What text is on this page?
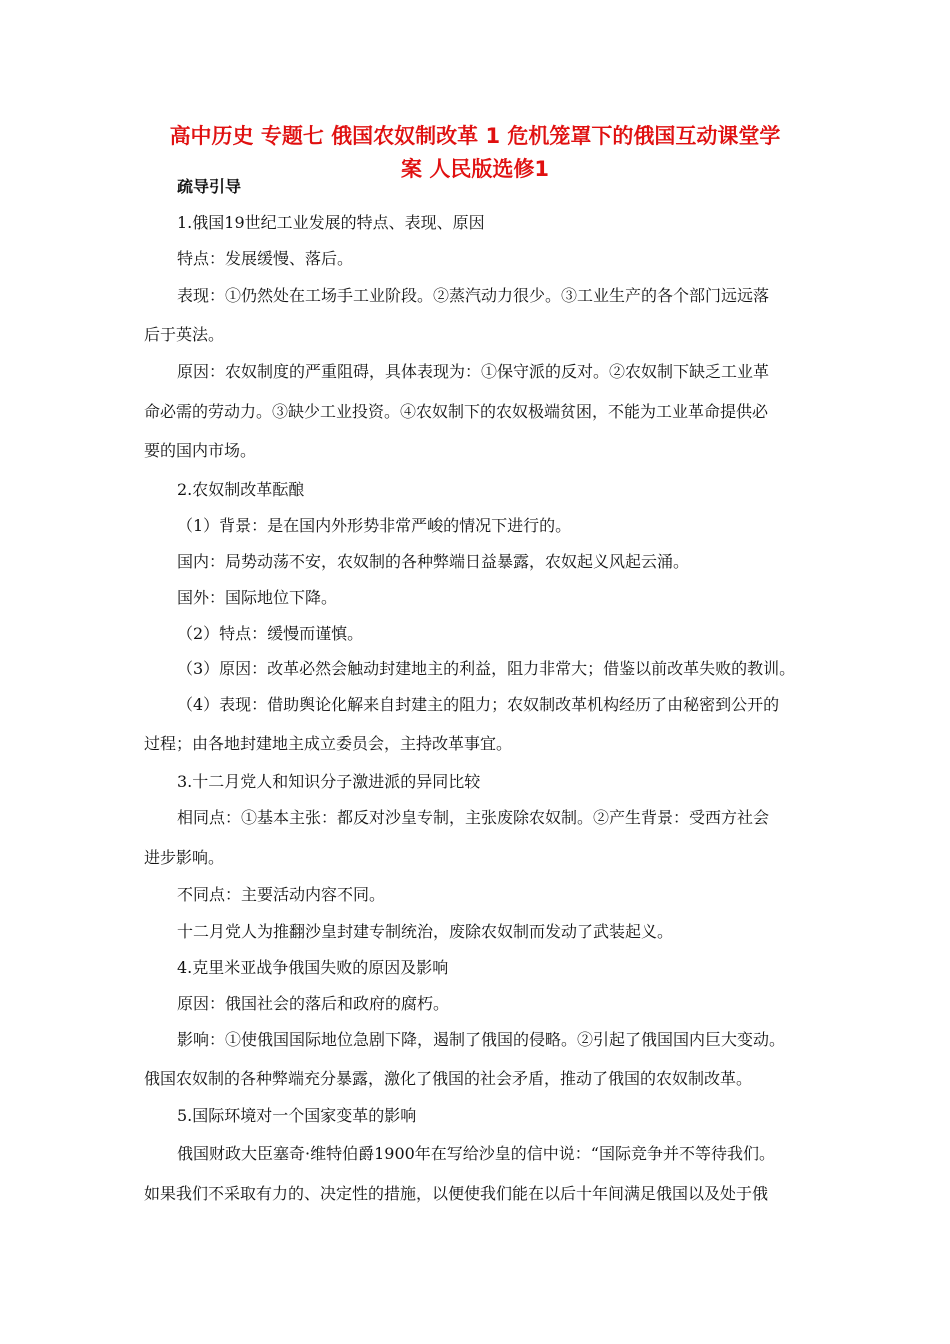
高中历史 专题七 俄国农奴制改革 1 危机笼罩下的俄国互动课堂学
案 人民版选修1
疏导引导
1.俄国19世纪工业发展的特点、表现、原因
特点：发展缓慢、落后。
表现：①仍然处在工场手工业阶段。②蒸汽动力很少。③工业生产的各个部门远远落
后于英法。
原因：农奴制度的严重阻碍，具体表现为：①保守派的反对。②农奴制下缺乏工业革
命必需的劳动力。③缺少工业投资。④农奴制下的农奴极端贫困，不能为工业革命提供必
要的国内市场。
2.农奴制改革酝酿
（1）背景：是在国内外形势非常严峻的情况下进行的。
国内：局势动荡不安，农奴制的各种弊端日益暴露，农奴起义风起云涌。
国外：国际地位下降。
（2）特点：缓慢而谨慎。
（3）原因：改革必然会触动封建地主的利益，阻力非常大；借鉴以前改革失败的教训。
（4）表现：借助舆论化解来自封建主的阻力；农奴制改革机构经历了由秘密到公开的
过程；由各地封建地主成立委员会，主持改革事宜。
3.十二月党人和知识分子激进派的异同比较
相同点：①基本主张：都反对沙皇专制，主张废除农奴制。②产生背景：受西方社会
进步影响。
不同点：主要活动内容不同。
十二月党人为推翻沙皇封建专制统治，废除农奴制而发动了武装起义。
4.克里米亚战争俄国失败的原因及影响
原因：俄国社会的落后和政府的腐朽。
影响：①使俄国国际地位急剧下降，遏制了俄国的侵略。②引起了俄国国内巨大变动。
俄国农奴制的各种弊端充分暴露，激化了俄国的社会矛盾，推动了俄国的农奴制改革。
5.国际环境对一个国家变革的影响
俄国财政大臣塞奇·维特伯爵1900年在写给沙皇的信中说：“国际竞争并不等待我们。
如果我们不采取有力的、决定性的措施，以便使我们能在以后十年间满足俄国以及处于俄
